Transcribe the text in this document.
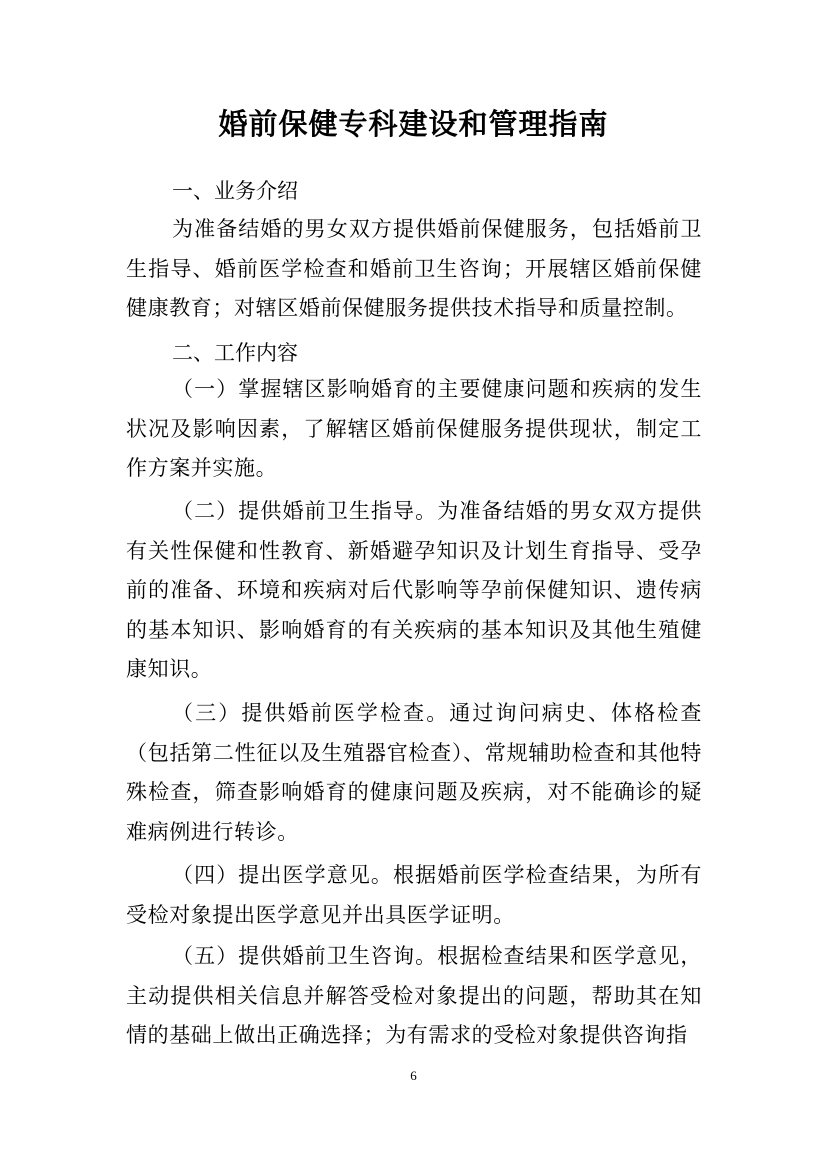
婚前保健专科建设和管理指南
一、业务介绍
为准备结婚的男女双方提供婚前保健服务，包括婚前卫生指导、婚前医学检查和婚前卫生咨询；开展辖区婚前保健健康教育；对辖区婚前保健服务提供技术指导和质量控制。
二、工作内容
（一）掌握辖区影响婚育的主要健康问题和疾病的发生状况及影响因素，了解辖区婚前保健服务提供现状，制定工作方案并实施。
（二）提供婚前卫生指导。为准备结婚的男女双方提供有关性保健和性教育、新婚避孕知识及计划生育指导、受孕前的准备、环境和疾病对后代影响等孕前保健知识、遗传病的基本知识、影响婚育的有关疾病的基本知识及其他生殖健康知识。
（三）提供婚前医学检查。通过询问病史、体格检查（包括第二性征以及生殖器官检查）、常规辅助检查和其他特殊检查，筛查影响婚育的健康问题及疾病，对不能确诊的疑难病例进行转诊。
（四）提出医学意见。根据婚前医学检查结果，为所有受检对象提出医学意见并出具医学证明。
（五）提供婚前卫生咨询。根据检查结果和医学意见，主动提供相关信息并解答受检对象提出的问题，帮助其在知情的基础上做出正确选择；为有需求的受检对象提供咨询指
6
